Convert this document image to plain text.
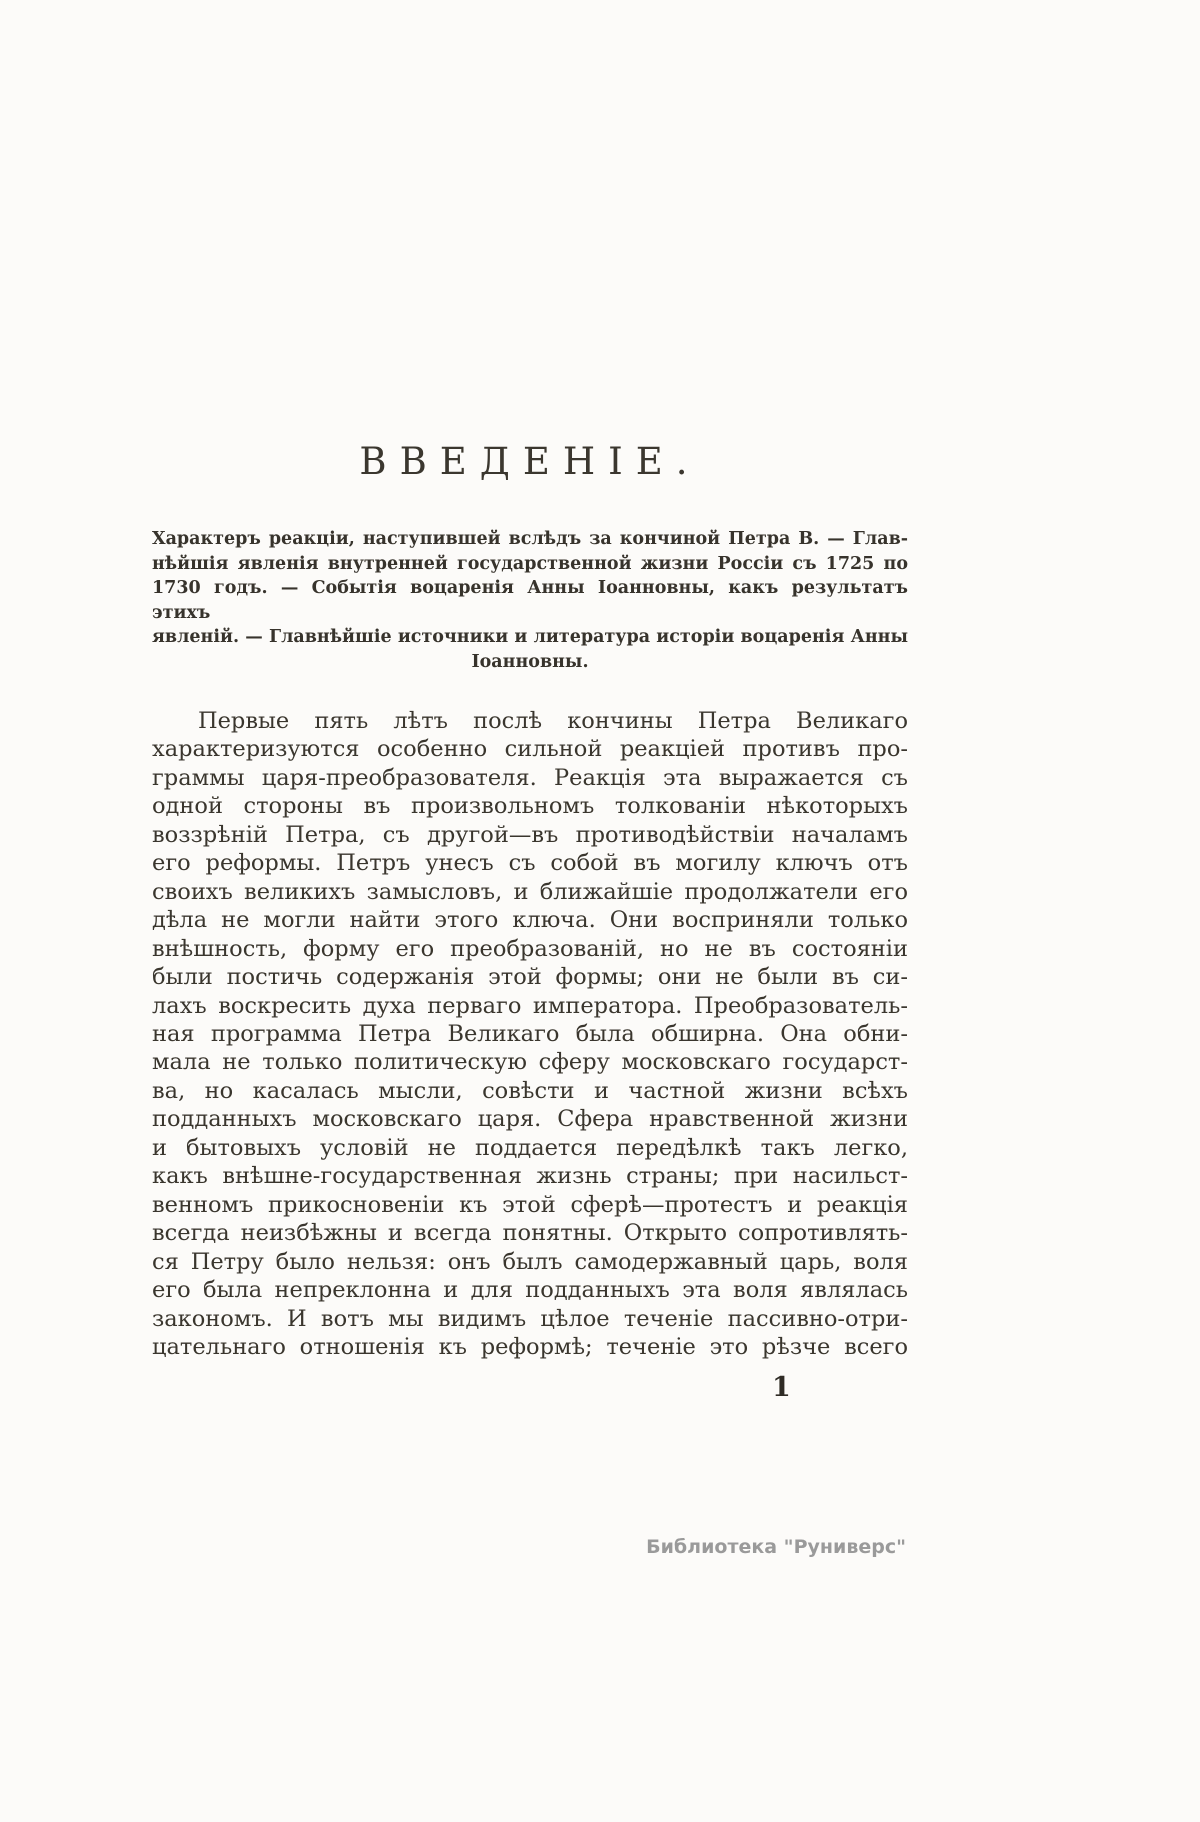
ВВЕДЕНІЕ.
Характеръ реакціи, наступившей вслѣдъ за кончиной Петра В. — Глав-
нѣйшія явленія внутренней государственной жизни Россіи съ 1725 по
1730 годъ. — Событія воцаренія Анны Іоанновны, какъ результатъ этихъ
явленій. — Главнѣйшіе источники и литература исторіи воцаренія Анны
Іоанновны.
Первые пять лѣтъ послѣ кончины Петра Великаго
характеризуются особенно сильной реакціей противъ про-
граммы царя-преобразователя. Реакція эта выражается съ
одной стороны въ произвольномъ толкованіи нѣкоторыхъ
воззрѣній Петра, съ другой—въ противодѣйствіи началамъ
его реформы. Петръ унесъ съ собой въ могилу ключъ отъ
своихъ великихъ замысловъ, и ближайшіе продолжатели его
дѣла не могли найти этого ключа. Они восприняли только
внѣшность, форму его преобразованій, но не въ состояніи
были постичь содержанія этой формы; они не были въ си-
лахъ воскресить духа перваго императора. Преобразователь-
ная программа Петра Великаго была обширна. Она обни-
мала не только политическую сферу московскаго государст-
ва, но касалась мысли, совѣсти и частной жизни всѣхъ
подданныхъ московскаго царя. Сфера нравственной жизни
и бытовыхъ условій не поддается передѣлкѣ такъ легко,
какъ внѣшне-государственная жизнь страны; при насильст-
венномъ прикосновеніи къ этой сферѣ—протестъ и реакція
всегда неизбѣжны и всегда понятны. Открыто сопротивлять-
ся Петру было нельзя: онъ былъ самодержавный царь, воля
его была непреклонна и для подданныхъ эта воля являлась
закономъ. И вотъ мы видимъ цѣлое теченіе пассивно-отри-
цательнаго отношенія къ реформѣ; теченіе это рѣзче всего
1
Библиотека "Руниверс"
